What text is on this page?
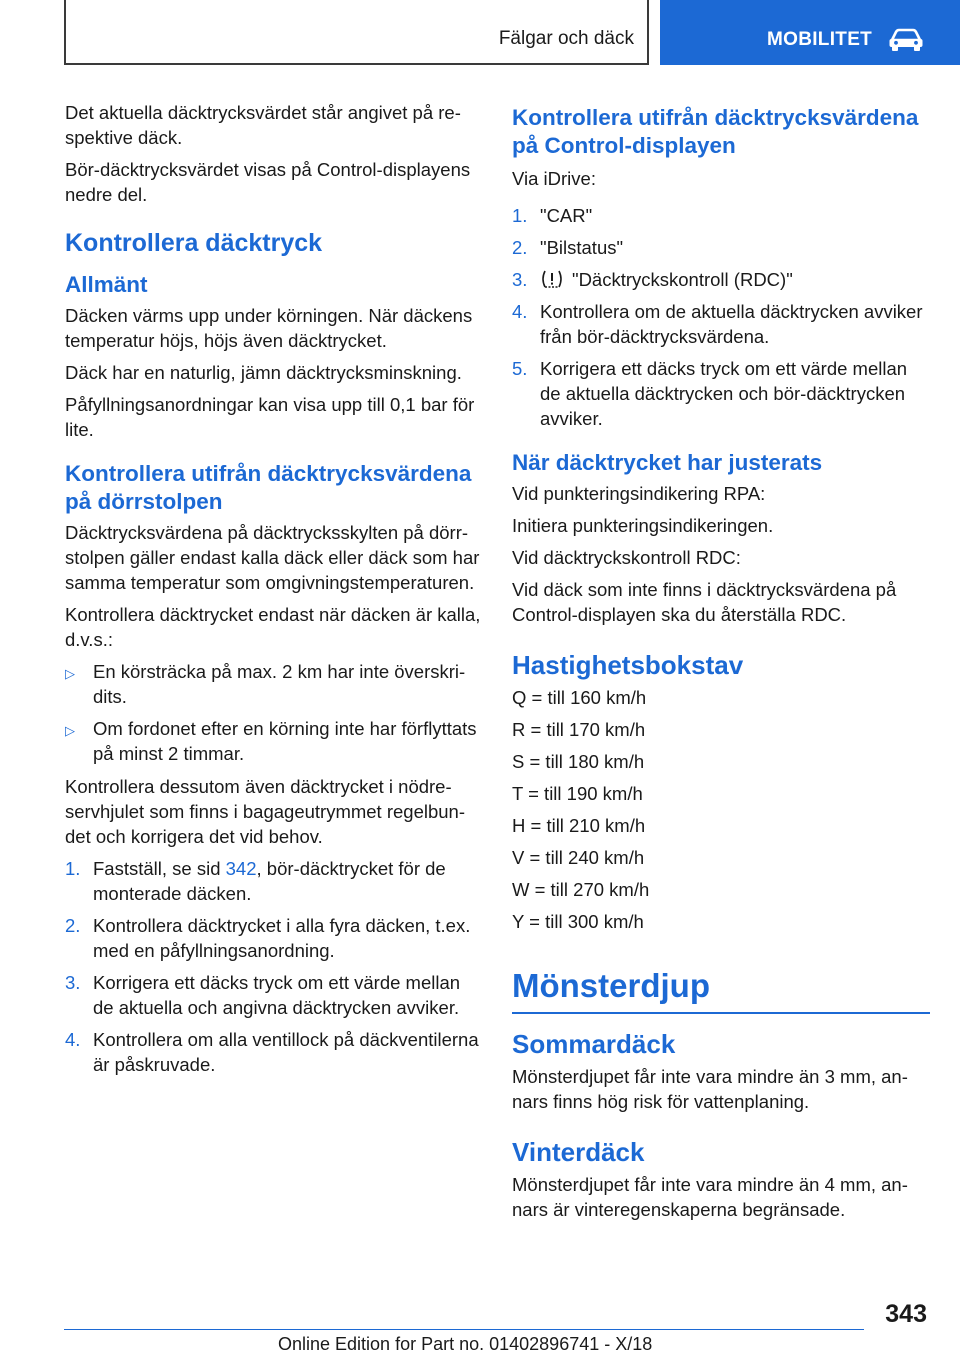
Fälgar och däck	MOBILITET

Det aktuella däcktrycksvärdet står angivet på respektive däck.

Bör-däcktrycksvärdet visas på Control-displayens nedre del.

Kontrollera däcktryck
Allmänt

Däcken värms upp under körningen. När däckens temperatur höjs, höjs även däcktrycket.

Däck har en naturlig, jämn däcktrycksminskning.

Påfyllningsanordningar kan visa upp till 0,1 bar för lite.

Kontrollera utifrån däcktrycksvärdena på dörrstolpen

Däcktrycksvärdena på däcktrycksskylten på dörrstolpen gäller endast kalla däck eller däck som har samma temperatur som omgivningstemperaturen.

Kontrollera däcktrycket endast när däcken är kalla, d.v.s.:

▷ En körsträcka på max. 2 km har inte överskridits.
▷ Om fordonet efter en körning inte har förflyttats på minst 2 timmar.

Kontrollera dessutom även däcktrycket i nödreservhjulet som finns i bagageutrymmet regelbundet och korrigera det vid behov.

1. Fastställ, se sid 342, bör-däcktrycket för de monterade däcken.
2. Kontrollera däcktrycket i alla fyra däcken, t.ex. med en påfyllningsanordning.
3. Korrigera ett däcks tryck om ett värde mellan de aktuella och angivna däcktrycken avviker.
4. Kontrollera om alla ventillock på däckventilerna är påskruvade.
Kontrollera utifrån däcktrycksvärdena på Control-displayen

Via iDrive:

1. "CAR"
2. "Bilstatus"
3.	"Däcktryckskontroll (RDC)"
4. Kontrollera om de aktuella däcktrycken avviker från bör-däcktrycksvärdena.
5. Korrigera ett däcks tryck om ett värde mellan de aktuella däcktrycken och bör-däcktrycken avviker.
När däcktrycket har justerats

Vid punkteringsindikering RPA:

Initiera punkteringsindikeringen.

Vid däcktryckskontroll RDC:

Vid däck som inte finns i däcktrycksvärdena på Control-displayen ska du återställa RDC.

Hastighetsbokstav

Q = till 160 km/h

R = till 170 km/h

S = till 180 km/h

T = till 190 km/h

H = till 210 km/h

V = till 240 km/h

W = till 270 km/h

Y = till 300 km/h

Mönsterdjup
Sommardäck

Mönsterdjupet får inte vara mindre än 3 mm, annars finns hög risk för vattenplaning.

Vinterdäck

Mönsterdjupet får inte vara mindre än 4 mm, annars är vinteregenskaperna begränsade.

343
Online Edition for Part no. 01402896741 - X/18
